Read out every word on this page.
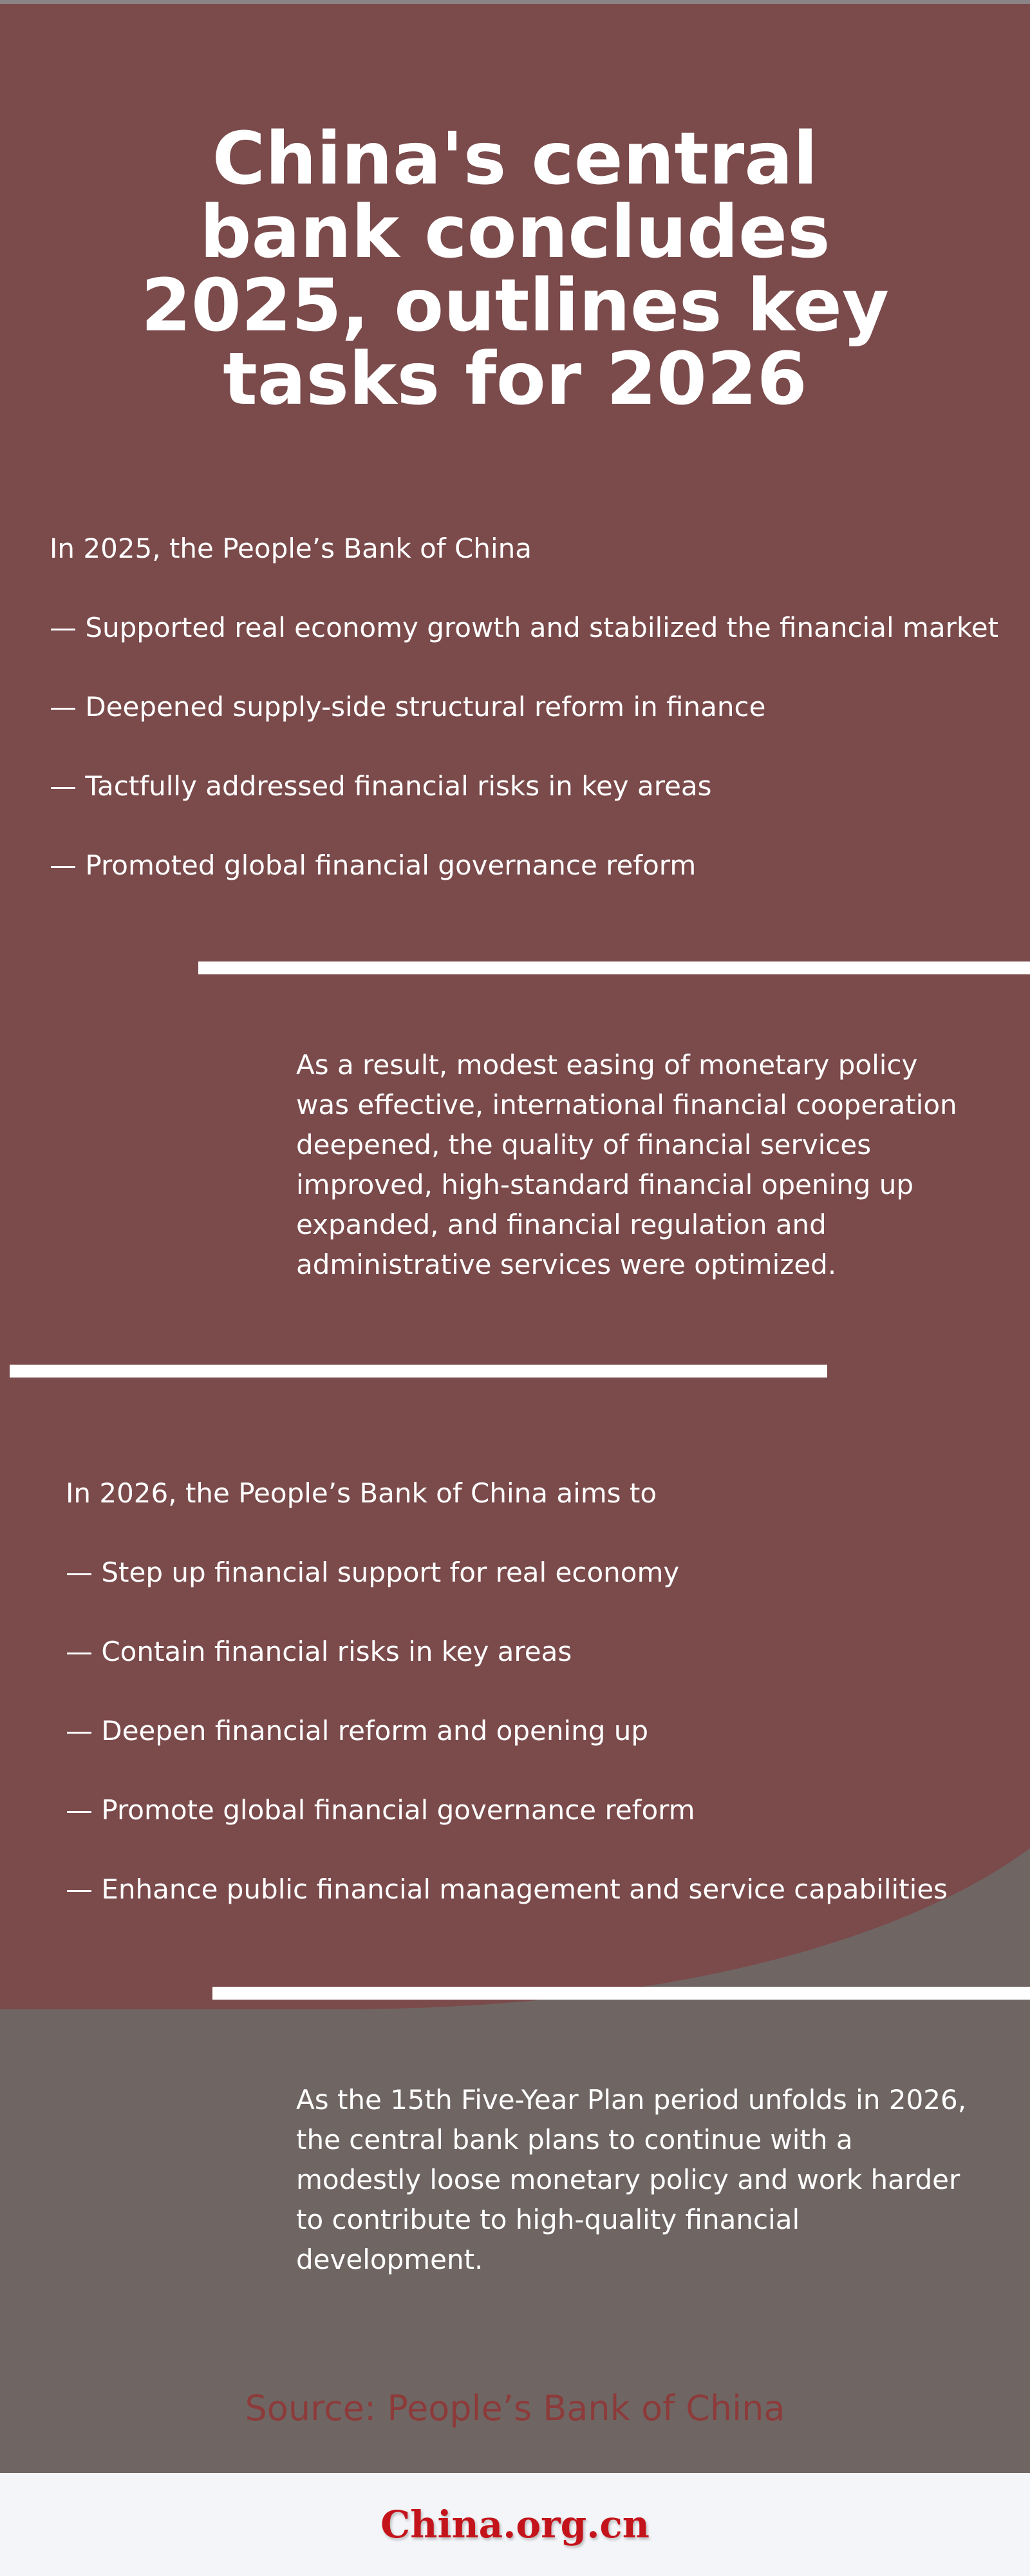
China's central bank concludes 2025, outlines key tasks for 2026

In 2025, the People’s Bank of China

— Supported real economy growth and stabilized the financial market
— Deepened supply-side structural reform in finance
— Tactfully addressed financial risks in key areas
— Promoted global financial governance reform

As a result, modest easing of monetary policy was effective, international financial cooperation deepened, the quality of financial services improved, high-standard financial opening up expanded, and financial regulation and administrative services were optimized.

In 2026, the People’s Bank of China aims to

— Step up financial support for real economy
— Contain financial risks in key areas
— Deepen financial reform and opening up
— Promote global financial governance reform
— Enhance public financial management and service capabilities

As the 15th Five-Year Plan period unfolds in 2026, the central bank plans to continue with a modestly loose monetary policy and work harder to contribute to high-quality financial development.

Source: People’s Bank of China
China.org.cn
